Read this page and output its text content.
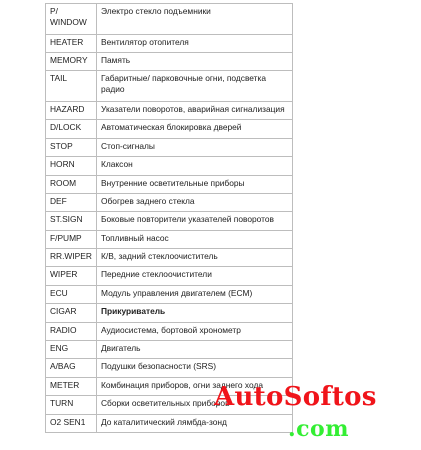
P/ WINDOW	Электро стекло подъемники
HEATER	Вентилятор отопителя
MEMORY	Память
TAIL	Габаритные/ парковочные огни, подсветка радио
HAZARD	Указатели поворотов, аварийная сигнализация
D/LOCK	Автоматическая блокировка дверей
STOP	Стоп-сигналы
HORN	Клаксон
ROOM	Внутренние осветительные приборы
DEF	Обогрев заднего стекла
ST.SIGN	Боковые повторители указателей поворотов
F/PUMP	Топливный насос
RR.WIPER	К/В, задний стеклоочиститель
WIPER	Передние стеклоочистители
ECU	Модуль управления двигателем (ECM)
CIGAR	Прикуриватель
RADIO	Аудиосистема, бортовой хронометр
ENG	Двигатель
A/BAG	Подушки безопасности (SRS)
METER	Комбинация приборов, огни заднего хода
TURN	Сборки осветительных приборов
O2 SEN1	До каталитический лямбда-зонд
AutoSoftos
.com
